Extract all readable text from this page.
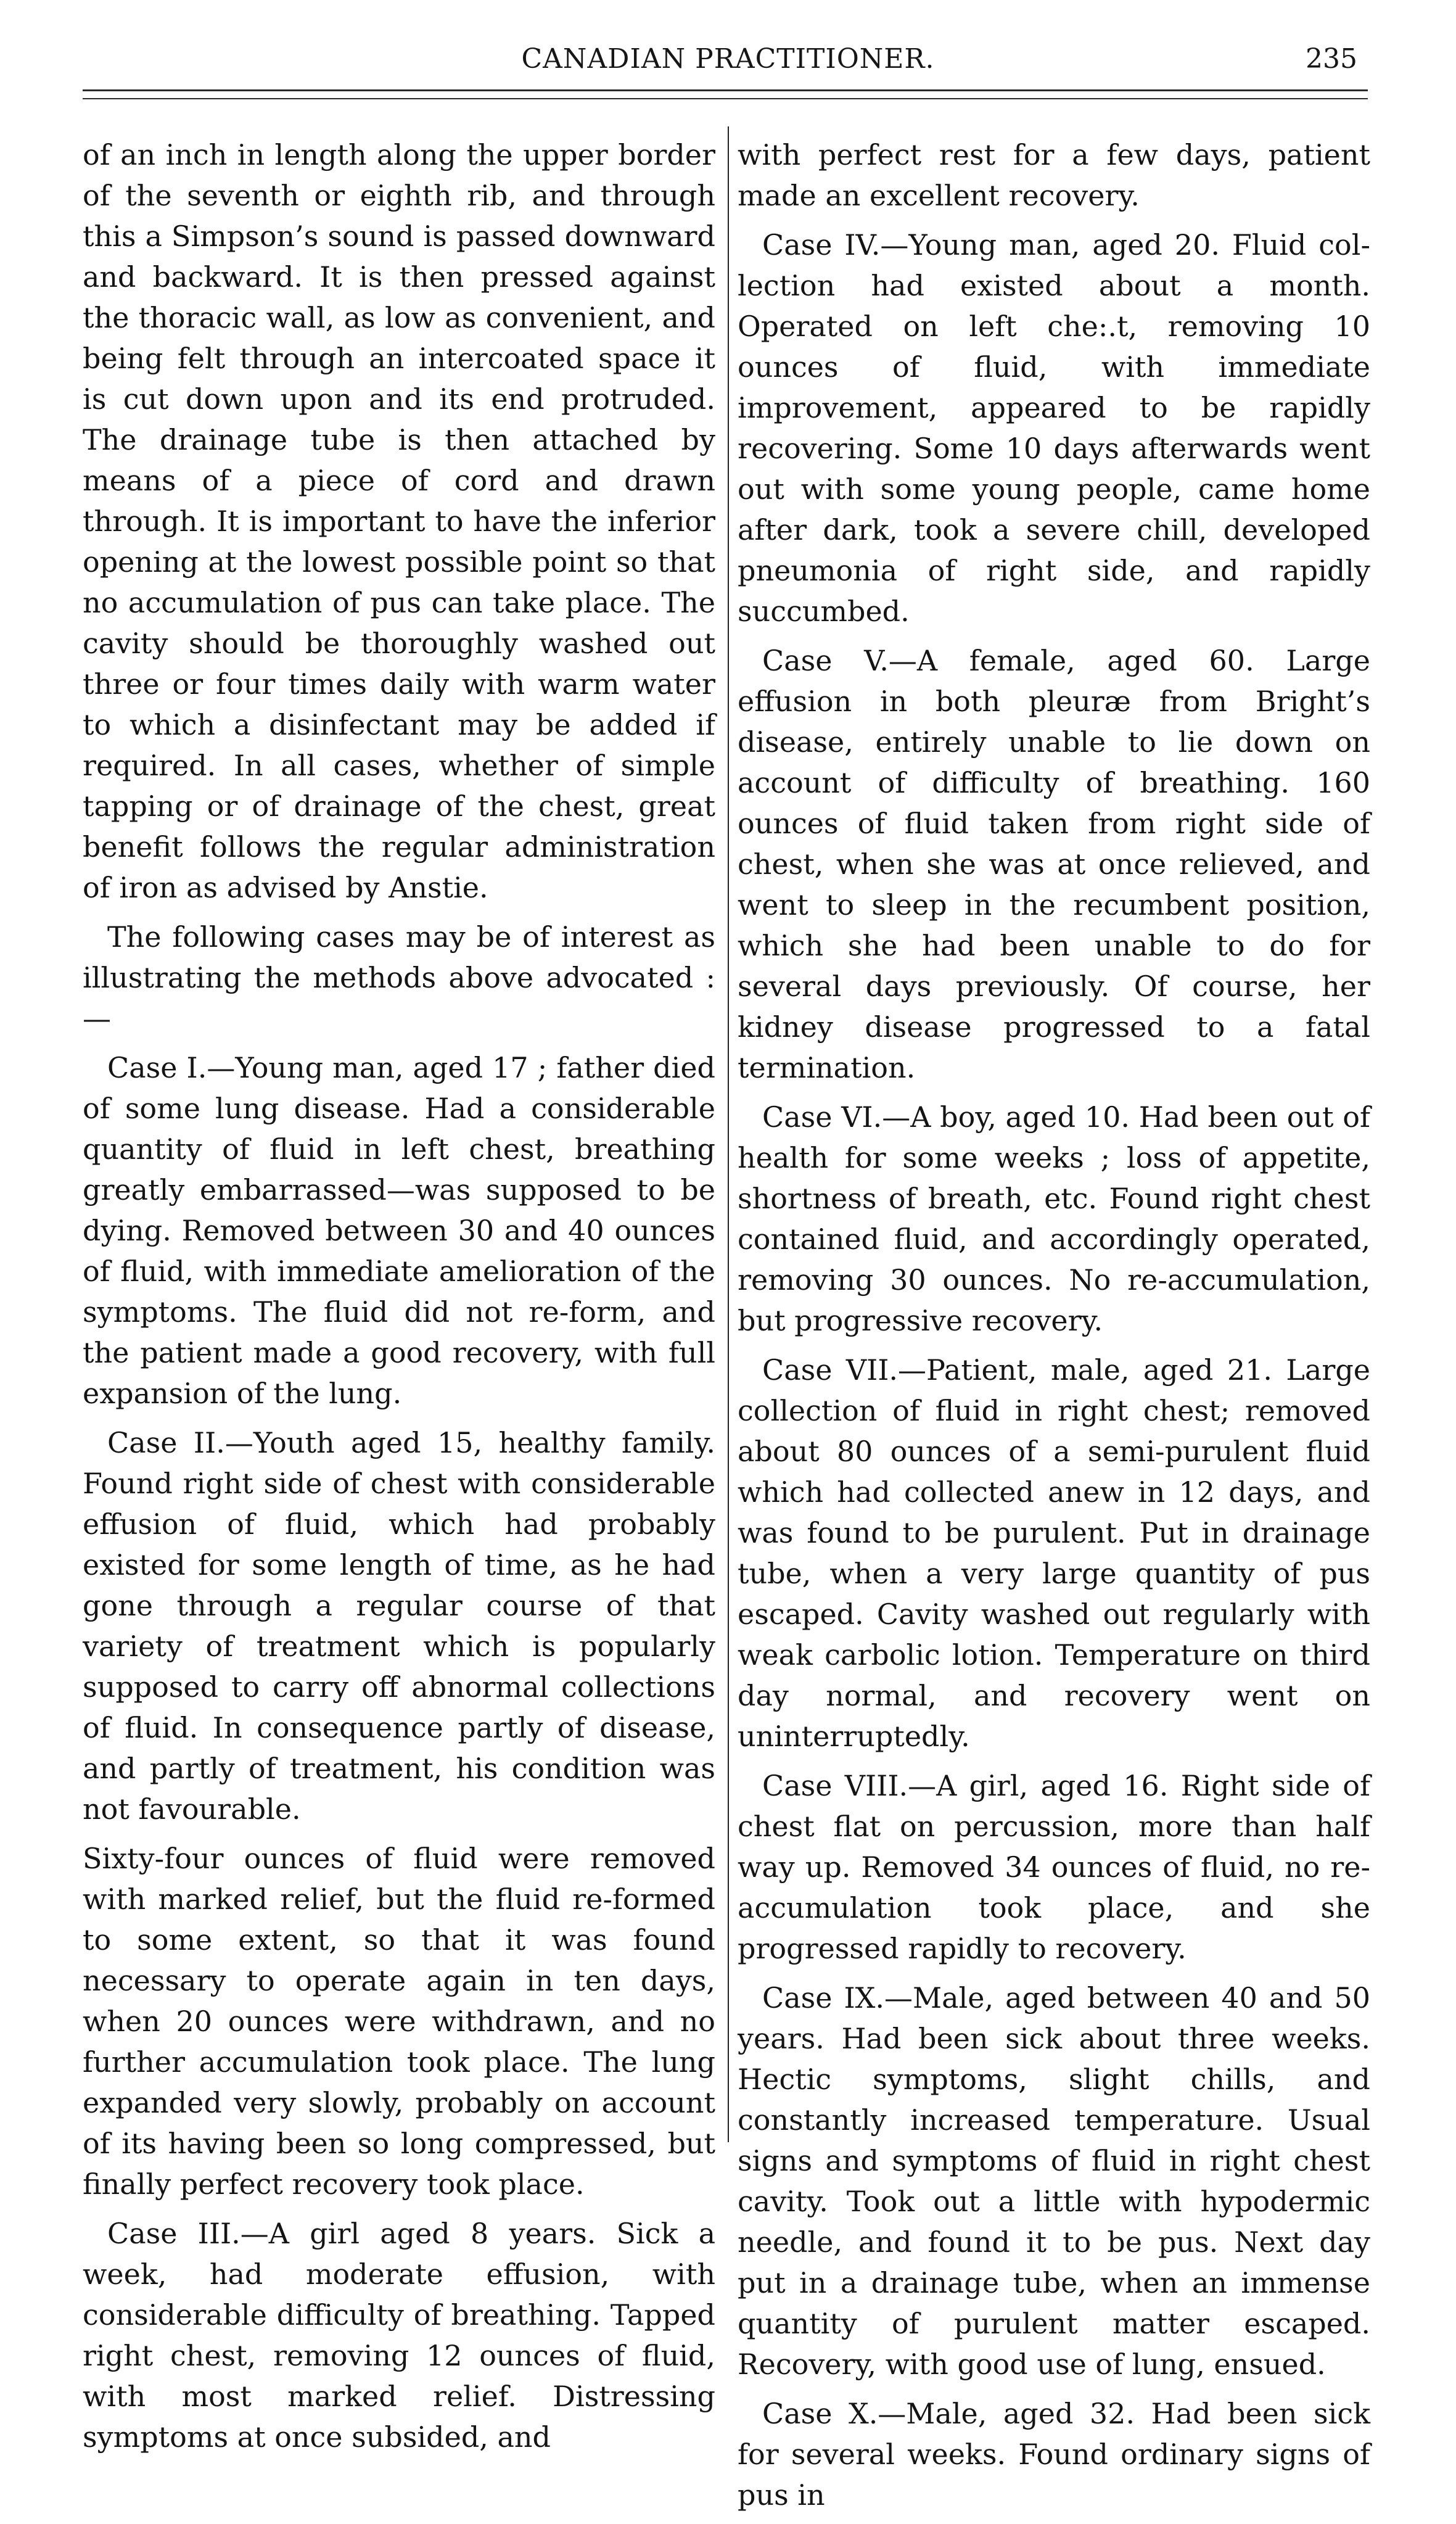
CANADIAN PRACTITIONER.	235

of an inch in length along the upper border of the seventh or eighth rib, and through this a Simpson’s sound is passed downward and backward. It is then pressed against the thoracic wall, as low as convenient, and being felt through an intercoated space it is cut down upon and its end protruded. The drainage tube is then attached by means of a piece of cord and drawn through. It is important to have the inferior opening at the lowest possible point so that no accumulation of pus can take place. The cavity should be thoroughly washed out three or four times daily with warm water to which a disinfectant may be added if required. In all cases, whether of simple tapping or of drainage of the chest, great benefit follows the regular administration of iron as advised by Anstie.

The following cases may be of interest as illustrating the methods above advocated :—

Case I.—Young man, aged 17 ; father died of some lung disease. Had a considerable quantity of fluid in left chest, breathing greatly embarrassed—was supposed to be dying. Removed between 30 and 40 ounces of fluid, with immediate amelioration of the symptoms. The fluid did not re-form, and the patient made a good recovery, with full expansion of the lung.

Case II.—Youth aged 15, healthy family. Found right side of chest with considerable effusion of fluid, which had probably existed for some length of time, as he had gone through a regular course of that variety of treatment which is popularly supposed to carry off abnormal collections of fluid. In consequence partly of disease, and partly of treatment, his condition was not favourable.

Sixty-four ounces of fluid were removed with marked relief, but the fluid re-formed to some extent, so that it was found necessary to operate again in ten days, when 20 ounces were withdrawn, and no further accumulation took place. The lung expanded very slowly, probably on account of its having been so long compressed, but finally perfect recovery took place.

Case III.—A girl aged 8 years. Sick a week, had moderate effusion, with considerable difficulty of breathing. Tapped right chest, removing 12 ounces of fluid, with most marked relief. Distressing symptoms at once subsided, and

with perfect rest for a few days, patient made an excellent recovery.

Case IV.—Young man, aged 20. Fluid collection had existed about a month. Operated on left che:.t, removing 10 ounces of fluid, with immediate improvement, appeared to be rapidly recovering. Some 10 days afterwards went out with some young people, came home after dark, took a severe chill, developed pneumonia of right side, and rapidly succumbed.

Case V.—A female, aged 60. Large effusion in both pleuræ from Bright’s disease, entirely unable to lie down on account of difficulty of breathing. 160 ounces of fluid taken from right side of chest, when she was at once relieved, and went to sleep in the recumbent position, which she had been unable to do for several days previously. Of course, her kidney disease progressed to a fatal termination.

Case VI.—A boy, aged 10. Had been out of health for some weeks ; loss of appetite, shortness of breath, etc. Found right chest contained fluid, and accordingly operated, removing 30 ounces. No re-accumulation, but progressive recovery.

Case VII.—Patient, male, aged 21. Large collection of fluid in right chest; removed about 80 ounces of a semi-purulent fluid which had collected anew in 12 days, and was found to be purulent. Put in drainage tube, when a very large quantity of pus escaped. Cavity washed out regularly with weak carbolic lotion. Temperature on third day normal, and recovery went on uninterruptedly.

Case VIII.—A girl, aged 16. Right side of chest flat on percussion, more than half way up. Removed 34 ounces of fluid, no re-accumulation took place, and she progressed rapidly to recovery.

Case IX.—Male, aged between 40 and 50 years. Had been sick about three weeks. Hectic symptoms, slight chills, and constantly increased temperature. Usual signs and symptoms of fluid in right chest cavity. Took out a little with hypodermic needle, and found it to be pus. Next day put in a drainage tube, when an immense quantity of purulent matter escaped. Recovery, with good use of lung, ensued.

Case X.—Male, aged 32. Had been sick for several weeks. Found ordinary signs of pus in
